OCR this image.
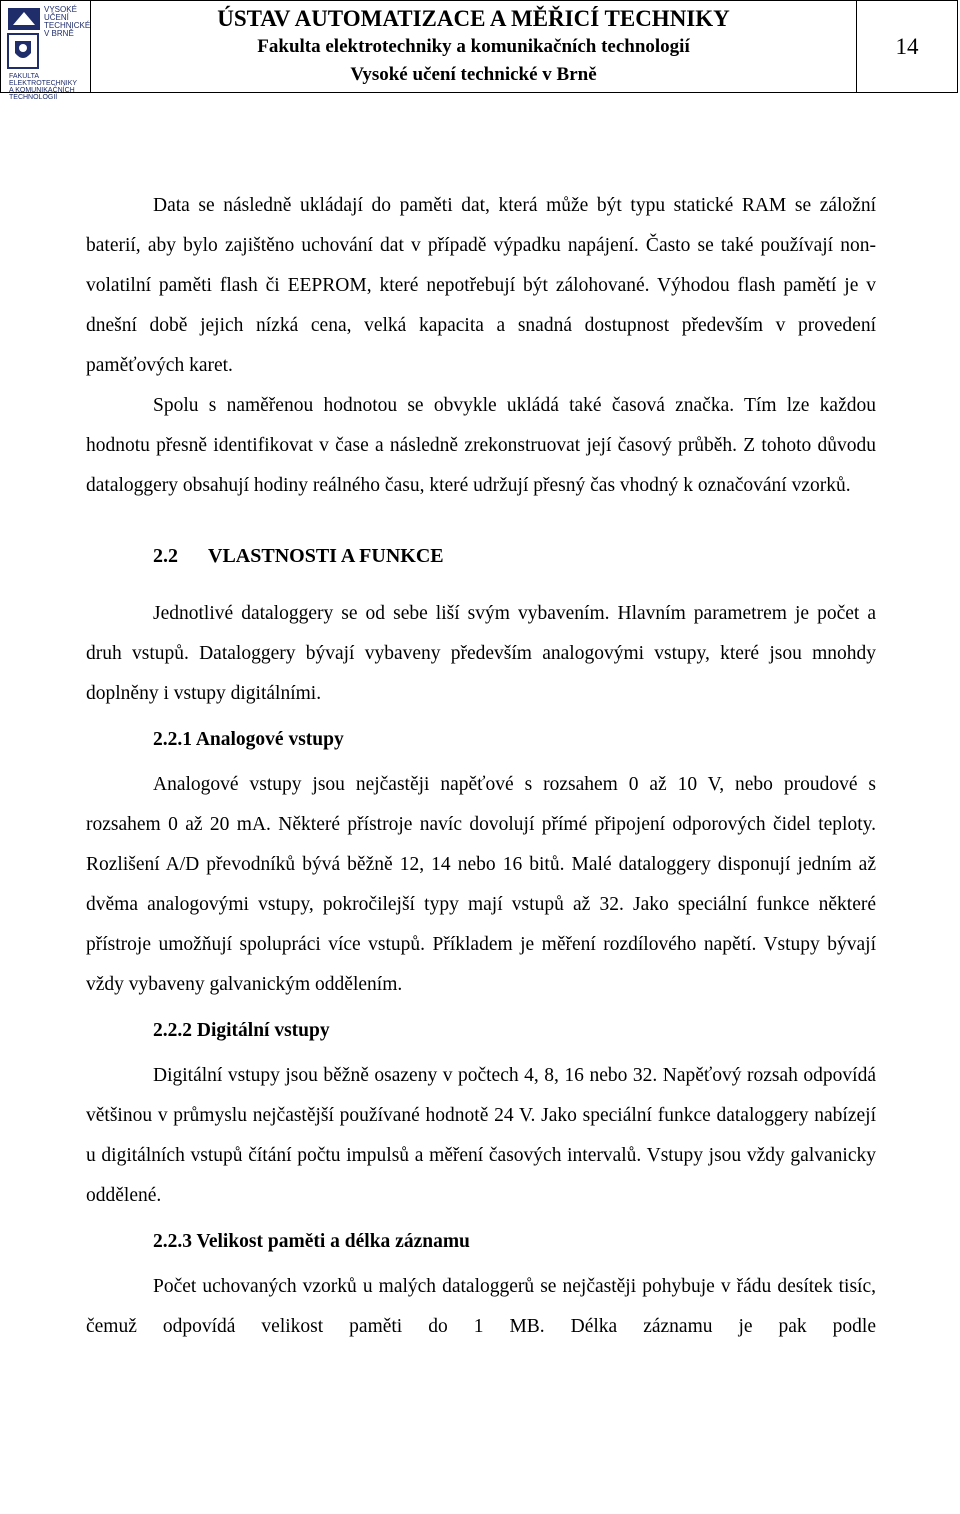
VYSOKÉ
UČENÍ
TECHNICKÉ
V BRNĚ
FAKULTA
ELEKTROTECHNIKY
A KOMUNIKAČNÍCH
TECHNOLOGIÍ
ÚSTAV AUTOMATIZACE A MĚŘICÍ TECHNIKY
Fakulta elektrotechniky a komunikačních technologií
Vysoké učení technické v Brně
14

Data se následně ukládají do paměti dat, která může být typu statické RAM se záložní baterií, aby bylo zajištěno uchování dat v případě výpadku napájení. Často se také používají non-volatilní paměti flash či EEPROM, které nepotřebují být zálohované. Výhodou flash pamětí je v dnešní době jejich nízká cena, velká kapacita a snadná dostupnost především v provedení paměťových karet.

Spolu s naměřenou hodnotou se obvykle ukládá také časová značka. Tím lze každou hodnotu přesně identifikovat v čase a následně zrekonstruovat její časový průběh. Z tohoto důvodu dataloggery obsahují hodiny reálného času, které udržují přesný čas vhodný k označování vzorků.

2.2 VLASTNOSTI A FUNKCE

Jednotlivé dataloggery se od sebe liší svým vybavením. Hlavním parametrem je počet a druh vstupů. Dataloggery bývají vybaveny především analogovými vstupy, které jsou mnohdy doplněny i vstupy digitálními.

2.2.1 Analogové vstupy

Analogové vstupy jsou nejčastěji napěťové s rozsahem 0 až 10 V, nebo proudové s rozsahem 0 až 20 mA. Některé přístroje navíc dovolují přímé připojení odporových čidel teploty. Rozlišení A/D převodníků bývá běžně 12, 14 nebo 16 bitů. Malé dataloggery disponují jedním až dvěma analogovými vstupy, pokročilejší typy mají vstupů až 32. Jako speciální funkce některé přístroje umožňují spolupráci více vstupů. Příkladem je měření rozdílového napětí. Vstupy bývají vždy vybaveny galvanickým oddělením.

2.2.2 Digitální vstupy

Digitální vstupy jsou běžně osazeny v počtech 4, 8, 16 nebo 32. Napěťový rozsah odpovídá většinou v průmyslu nejčastější používané hodnotě 24 V. Jako speciální funkce dataloggery nabízejí u digitálních vstupů čítání počtu impulsů a měření časových intervalů. Vstupy jsou vždy galvanicky oddělené.

2.2.3 Velikost paměti a délka záznamu

Počet uchovaných vzorků u malých dataloggerů se nejčastěji pohybuje v řádu desítek tisíc, čemuž odpovídá velikost paměti do 1 MB. Délka záznamu je pak podle
